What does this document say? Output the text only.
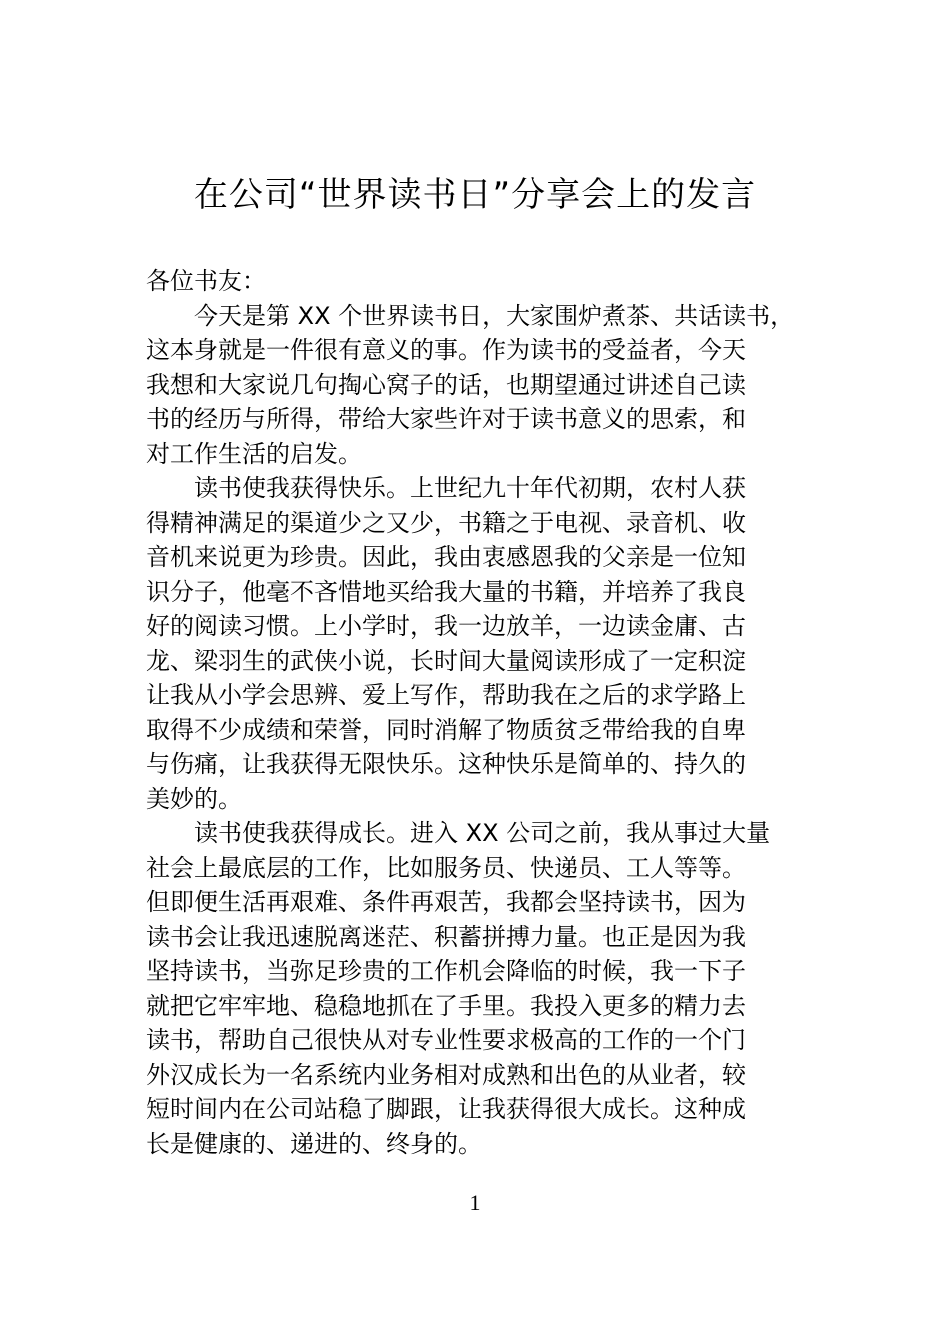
在公司“世界读书日”分享会上的发言
各位书友：
今天是第 XX 个世界读书日，大家围炉煮茶、共话读书，
这本身就是一件很有意义的事。作为读书的受益者，今天
我想和大家说几句掏心窝子的话，也期望通过讲述自己读
书的经历与所得，带给大家些许对于读书意义的思索，和
对工作生活的启发。
读书使我获得快乐。上世纪九十年代初期，农村人获
得精神满足的渠道少之又少，书籍之于电视、录音机、收
音机来说更为珍贵。因此，我由衷感恩我的父亲是一位知
识分子，他毫不吝惜地买给我大量的书籍，并培养了我良
好的阅读习惯。上小学时，我一边放羊，一边读金庸、古
龙、梁羽生的武侠小说，长时间大量阅读形成了一定积淀
让我从小学会思辨、爱上写作，帮助我在之后的求学路上
取得不少成绩和荣誉，同时消解了物质贫乏带给我的自卑
与伤痛，让我获得无限快乐。这种快乐是简单的、持久的
美妙的。
读书使我获得成长。进入 XX 公司之前，我从事过大量
社会上最底层的工作，比如服务员、快递员、工人等等。
但即便生活再艰难、条件再艰苦，我都会坚持读书，因为
读书会让我迅速脱离迷茫、积蓄拼搏力量。也正是因为我
坚持读书，当弥足珍贵的工作机会降临的时候，我一下子
就把它牢牢地、稳稳地抓在了手里。我投入更多的精力去
读书，帮助自己很快从对专业性要求极高的工作的一个门
外汉成长为一名系统内业务相对成熟和出色的从业者，较
短时间内在公司站稳了脚跟，让我获得很大成长。这种成
长是健康的、递进的、终身的。
1
